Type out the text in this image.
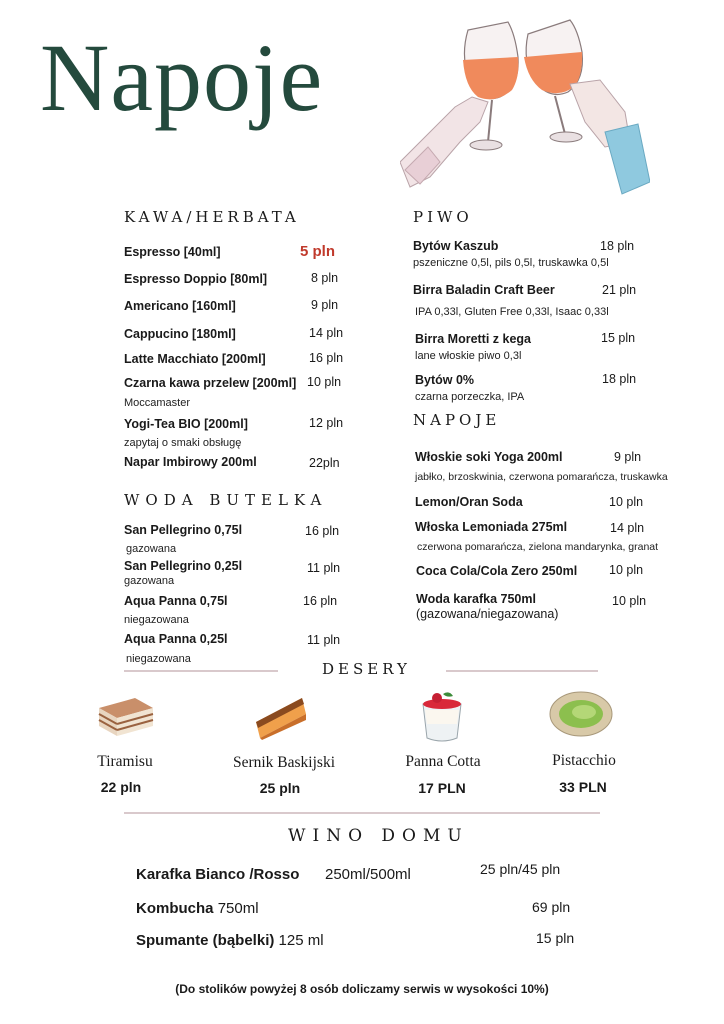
Napoje
KAWA/HERBATA
Espresso [40ml]	5 pln
Espresso Doppio [80ml]	8 pln
Americano [160ml]	9 pln
Cappucino [180ml]	14 pln
Latte Macchiato [200ml]	16 pln
Czarna kawa przelew [200ml] 10 pln
Moccamaster
Yogi-Tea BIO [200ml]	12 pln
zapytaj o smaki obsługę
Napar Imbirowy 200ml	22pln
WODA BUTELKA
San Pellegrino 0,75l	16 pln
gazowana
San Pellegrino 0,25l	11 pln
gazowana
Aqua Panna 0,75l	16 pln
niegazowana
Aqua Panna 0,25l	11 pln
niegazowana
PIWO
Bytów Kaszub	18 pln
pszeniczne 0,5l, pils 0,5l, truskawka 0,5l
Birra Baladin Craft Beer	21 pln
IPA 0,33l, Gluten Free 0,33l, Isaac 0,33l
Birra Moretti z kega	15 pln
lane włoskie piwo 0,3l
Bytów 0%	18 pln
czarna porzeczka, IPA
NAPOJE
Włoskie soki Yoga 200ml	9 pln
jabłko, brzoskwinia, czerwona pomarańcza, truskawka
Lemon/Oran Soda	10 pln
Włoska Lemoniada 275ml	14 pln
czerwona pomarańcza, zielona mandarynka, granat
Coca Cola/Cola Zero 250ml	10 pln
Woda karafka 750ml	10 pln
(gazowana/niegazowana)
DESERY
Tiramisu
22 pln
Sernik Baskijski
25 pln
Panna Cotta
17 PLN
Pistacchio
33 PLN
WINO DOMU
Karafka Bianco /Rosso 250ml/500ml	25 pln/45 pln
Kombucha 750ml	69 pln
Spumante (bąbelki) 125 ml	15 pln
(Do stolików powyżej 8 osób doliczamy serwis w wysokości 10%)
